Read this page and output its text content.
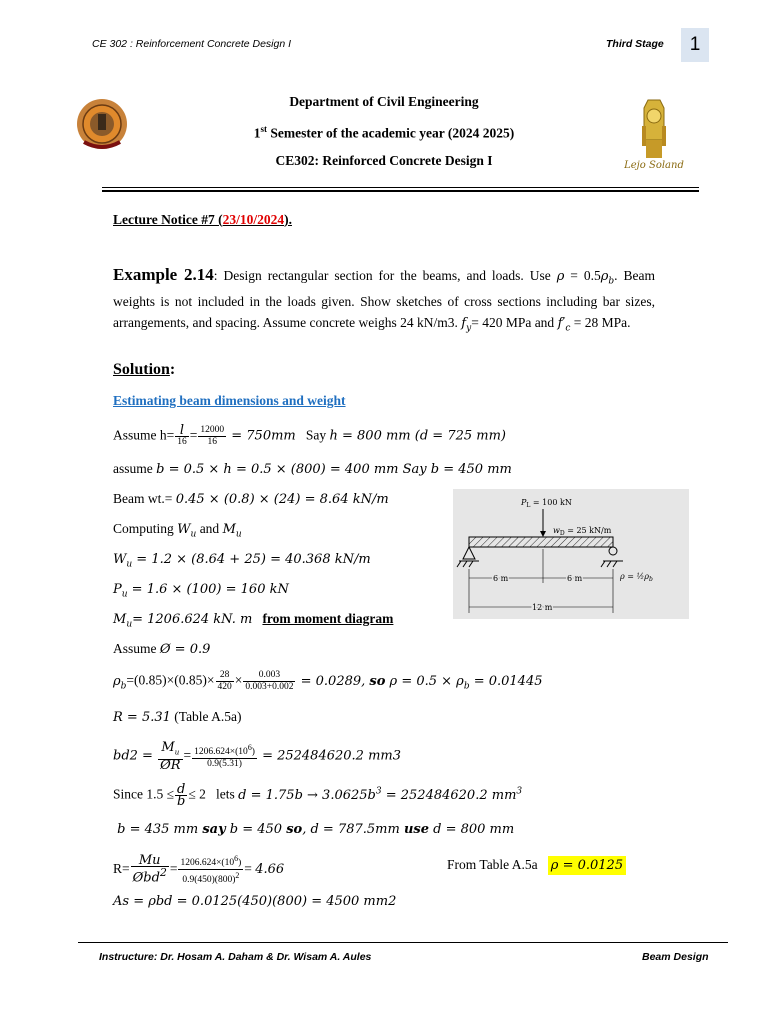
CE 302 : Reinforcement Concrete Design I	Third Stage	1
Lejo Soland
Department of Civil Engineering
1st Semester of the academic year (2024 2025)
CE302: Reinforced Concrete Design I
Lecture Notice #7 (23/10/2024).
Example 2.14: Design rectangular section for the beams, and loads. Use $\rho = 0.5\rho_b$. Beam weights is not included in the loads given. Show sketches of cross sections including bar sizes, arrangements, and spacing. Assume concrete weighs 24 kN/m3. $f_y= 420$ MPa and $f'_c = 28$ MPa.
Solution:
Estimating beam dimensions and weight
Assume $h= \frac{l}{16} = \frac{12000}{16} = 750mm$ Say h = 800 mm (d = 725 mm)
assume b = 0.5 × h = 0.5 × (800) = 400 mm Say b = 450 mm
Beam wt.= 0.45 × (0.8) × (24) = 8.64 kN/m
Computing $W_u$ and $M_u$
$W_u = 1.2 \times (8.64 + 25) = 40.368$ kN/m
$P_u = 1.6 \times (100) = 160$ kN
$M_u= 1206.624$ kN. m from moment diagram
Assume Ø = 0.9
$\rho_b=(0.85)\times(0.85)\times \frac{28}{420} \times \frac{0.003}{0.003+0.002} = 0.0289$, so $\rho = 0.5 \times \rho_b = 0.01445$
R = 5.31 (Table A.5a)
$bd2 = \frac{M_u}{ØR} = \frac{1206.624\times(10^6)}{0.9(5.31)} = 252484620.2$ mm3
Since $1.5 \le \frac{d}{b} \le 2$   lets $d = 1.75b \to 3.0625b^3 = 252484620.2$ $mm^3$
b = 435 mm say b = 450 so, d = 787.5mm use d = 800 mm
$R= \frac{Mu}{Øbd^2} = \frac{1206.624\times(10^6)}{0.9(450)(800)^2} = 4.66$	From Table A.5a ρ = 0.0125
As = ρbd = 0.0125(450)(800) = 4500 mm2
$P_L = 100$ kN
$w_D = 25$ kN/m
6 m	6 m
12 m
$\rho = \frac{1}{2}\rho_b$
Instructure: Dr. Hosam A. Daham & Dr. Wisam A. Aules	Beam Design
